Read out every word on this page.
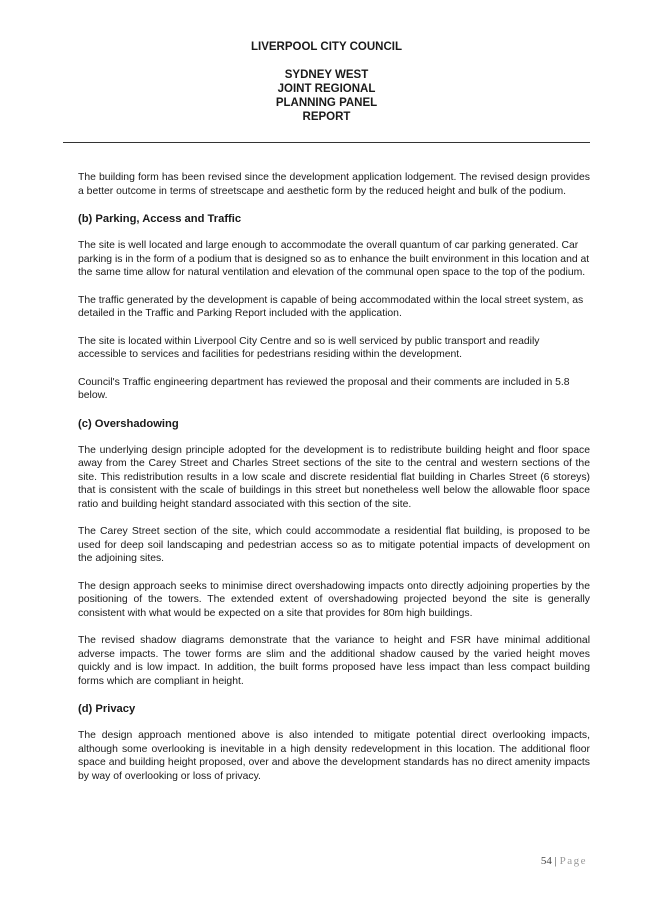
LIVERPOOL CITY COUNCIL
SYDNEY WEST
JOINT REGIONAL
PLANNING PANEL
REPORT

The building form has been revised since the development application lodgement. The revised design provides a better outcome in terms of streetscape and aesthetic form by the reduced height and bulk of the podium.

(b) Parking, Access and Traffic

The site is well located and large enough to accommodate the overall quantum of car parking generated. Car parking is in the form of a podium that is designed so as to enhance the built environment in this location and at the same time allow for natural ventilation and elevation of the communal open space to the top of the podium.

The traffic generated by the development is capable of being accommodated within the local street system, as detailed in the Traffic and Parking Report included with the application.

The site is located within Liverpool City Centre and so is well serviced by public transport and readily accessible to services and facilities for pedestrians residing within the development.

Council's Traffic engineering department has reviewed the proposal and their comments are included in 5.8 below.

(c) Overshadowing

The underlying design principle adopted for the development is to redistribute building height and floor space away from the Carey Street and Charles Street sections of the site to the central and western sections of the site. This redistribution results in a low scale and discrete residential flat building in Charles Street (6 storeys) that is consistent with the scale of buildings in this street but nonetheless well below the allowable floor space ratio and building height standard associated with this section of the site.

The Carey Street section of the site, which could accommodate a residential flat building, is proposed to be used for deep soil landscaping and pedestrian access so as to mitigate potential impacts of development on the adjoining sites.

The design approach seeks to minimise direct overshadowing impacts onto directly adjoining properties by the positioning of the towers. The extended extent of overshadowing projected beyond the site is generally consistent with what would be expected on a site that provides for 80m high buildings.

The revised shadow diagrams demonstrate that the variance to height and FSR have minimal additional adverse impacts. The tower forms are slim and the additional shadow caused by the varied height moves quickly and is low impact. In addition, the built forms proposed have less impact than less compact building forms which are compliant in height.

(d) Privacy

The design approach mentioned above is also intended to mitigate potential direct overlooking impacts, although some overlooking is inevitable in a high density redevelopment in this location. The additional floor space and building height proposed, over and above the development standards has no direct amenity impacts by way of overlooking or loss of privacy.

54 | Page
